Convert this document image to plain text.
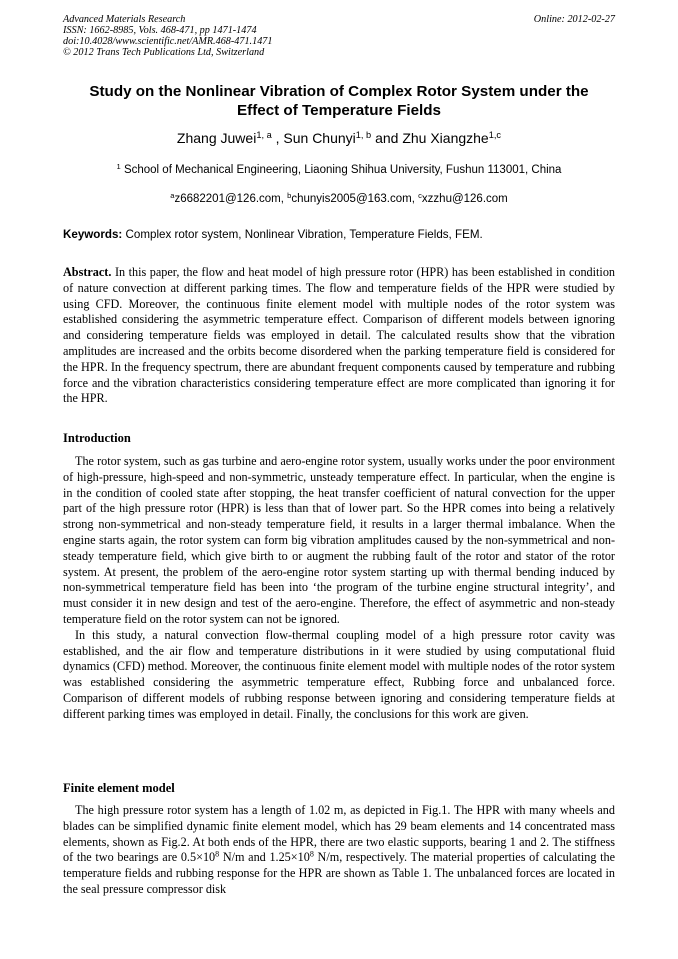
Advanced Materials Research
ISSN: 1662-8985, Vols. 468-471, pp 1471-1474
doi:10.4028/www.scientific.net/AMR.468-471.1471
© 2012 Trans Tech Publications Ltd, Switzerland
Online: 2012-02-27
Study on the Nonlinear Vibration of Complex Rotor System under the
Effect of Temperature Fields
Zhang Juwei$^{1, a}$ , Sun Chunyi$^{1, b}$ and Zhu Xiangzhe$^{1,c}$
$^1$ School of Mechanical Engineering, Liaoning Shihua University, Fushun 113001, China
$^a$z6682201@126.com, $^b$chunyis2005@163.com, $^c$xzzhu@126.com
Keywords: Complex rotor system, Nonlinear Vibration, Temperature Fields, FEM.

Abstract. In this paper, the flow and heat model of high pressure rotor (HPR) has been established in condition of nature convection at different parking times. The flow and temperature fields of the HPR were studied by using CFD. Moreover, the continuous finite element model with multiple nodes of the rotor system was established considering the asymmetric temperature effect. Comparison of different models between ignoring and considering temperature fields was employed in detail. The calculated results show that the vibration amplitudes are increased and the orbits become disordered when the parking temperature field is considered for the HPR. In the frequency spectrum, there are abundant frequent components caused by temperature and rubbing force and the vibration characteristics considering temperature effect are more complicated than ignoring it for the HPR.

Introduction

The rotor system, such as gas turbine and aero-engine rotor system, usually works under the poor environment of high-pressure, high-speed and non-symmetric, unsteady temperature effect. In particular, when the engine is in the condition of cooled state after stopping, the heat transfer coefficient of natural convection for the upper part of the high pressure rotor (HPR) is less than that of lower part. So the HPR comes into being a relatively strong non-symmetrical and non-steady temperature field, it results in a larger thermal imbalance. When the engine starts again, the rotor system can form big vibration amplitudes caused by the non-symmetrical and non-steady temperature field, which give birth to or augment the rubbing fault of the rotor and stator of the rotor system. At present, the problem of the aero-engine rotor system starting up with thermal bending induced by non-symmetrical temperature field has been into ‘the program of the turbine engine structural integrity’, and must consider it in new design and test of the aero-engine. Therefore, the effect of asymmetric and non-steady temperature field on the rotor system can not be ignored.

In this study, a natural convection flow-thermal coupling model of a high pressure rotor cavity was established, and the air flow and temperature distributions in it were studied by using computational fluid dynamics (CFD) method. Moreover, the continuous finite element model with multiple nodes of the rotor system was established considering the asymmetric temperature effect, Rubbing force and unbalanced force. Comparison of different models of rubbing response between ignoring and considering temperature fields at different parking times was employed in detail. Finally, the conclusions for this work are given.

Finite element model

The high pressure rotor system has a length of 1.02 m, as depicted in Fig.1. The HPR with many wheels and blades can be simplified dynamic finite element model, which has 29 beam elements and 14 concentrated mass elements, shown as Fig.2. At both ends of the HPR, there are two elastic supports, bearing 1 and 2. The stiffness of the two bearings are $0.5\times 10^8$ N/m and $1.25\times 10^8$ N/m, respectively. The material properties of calculating the temperature fields and rubbing response for the HPR are shown as Table 1. The unbalanced forces are located in the seal pressure compressor disk
